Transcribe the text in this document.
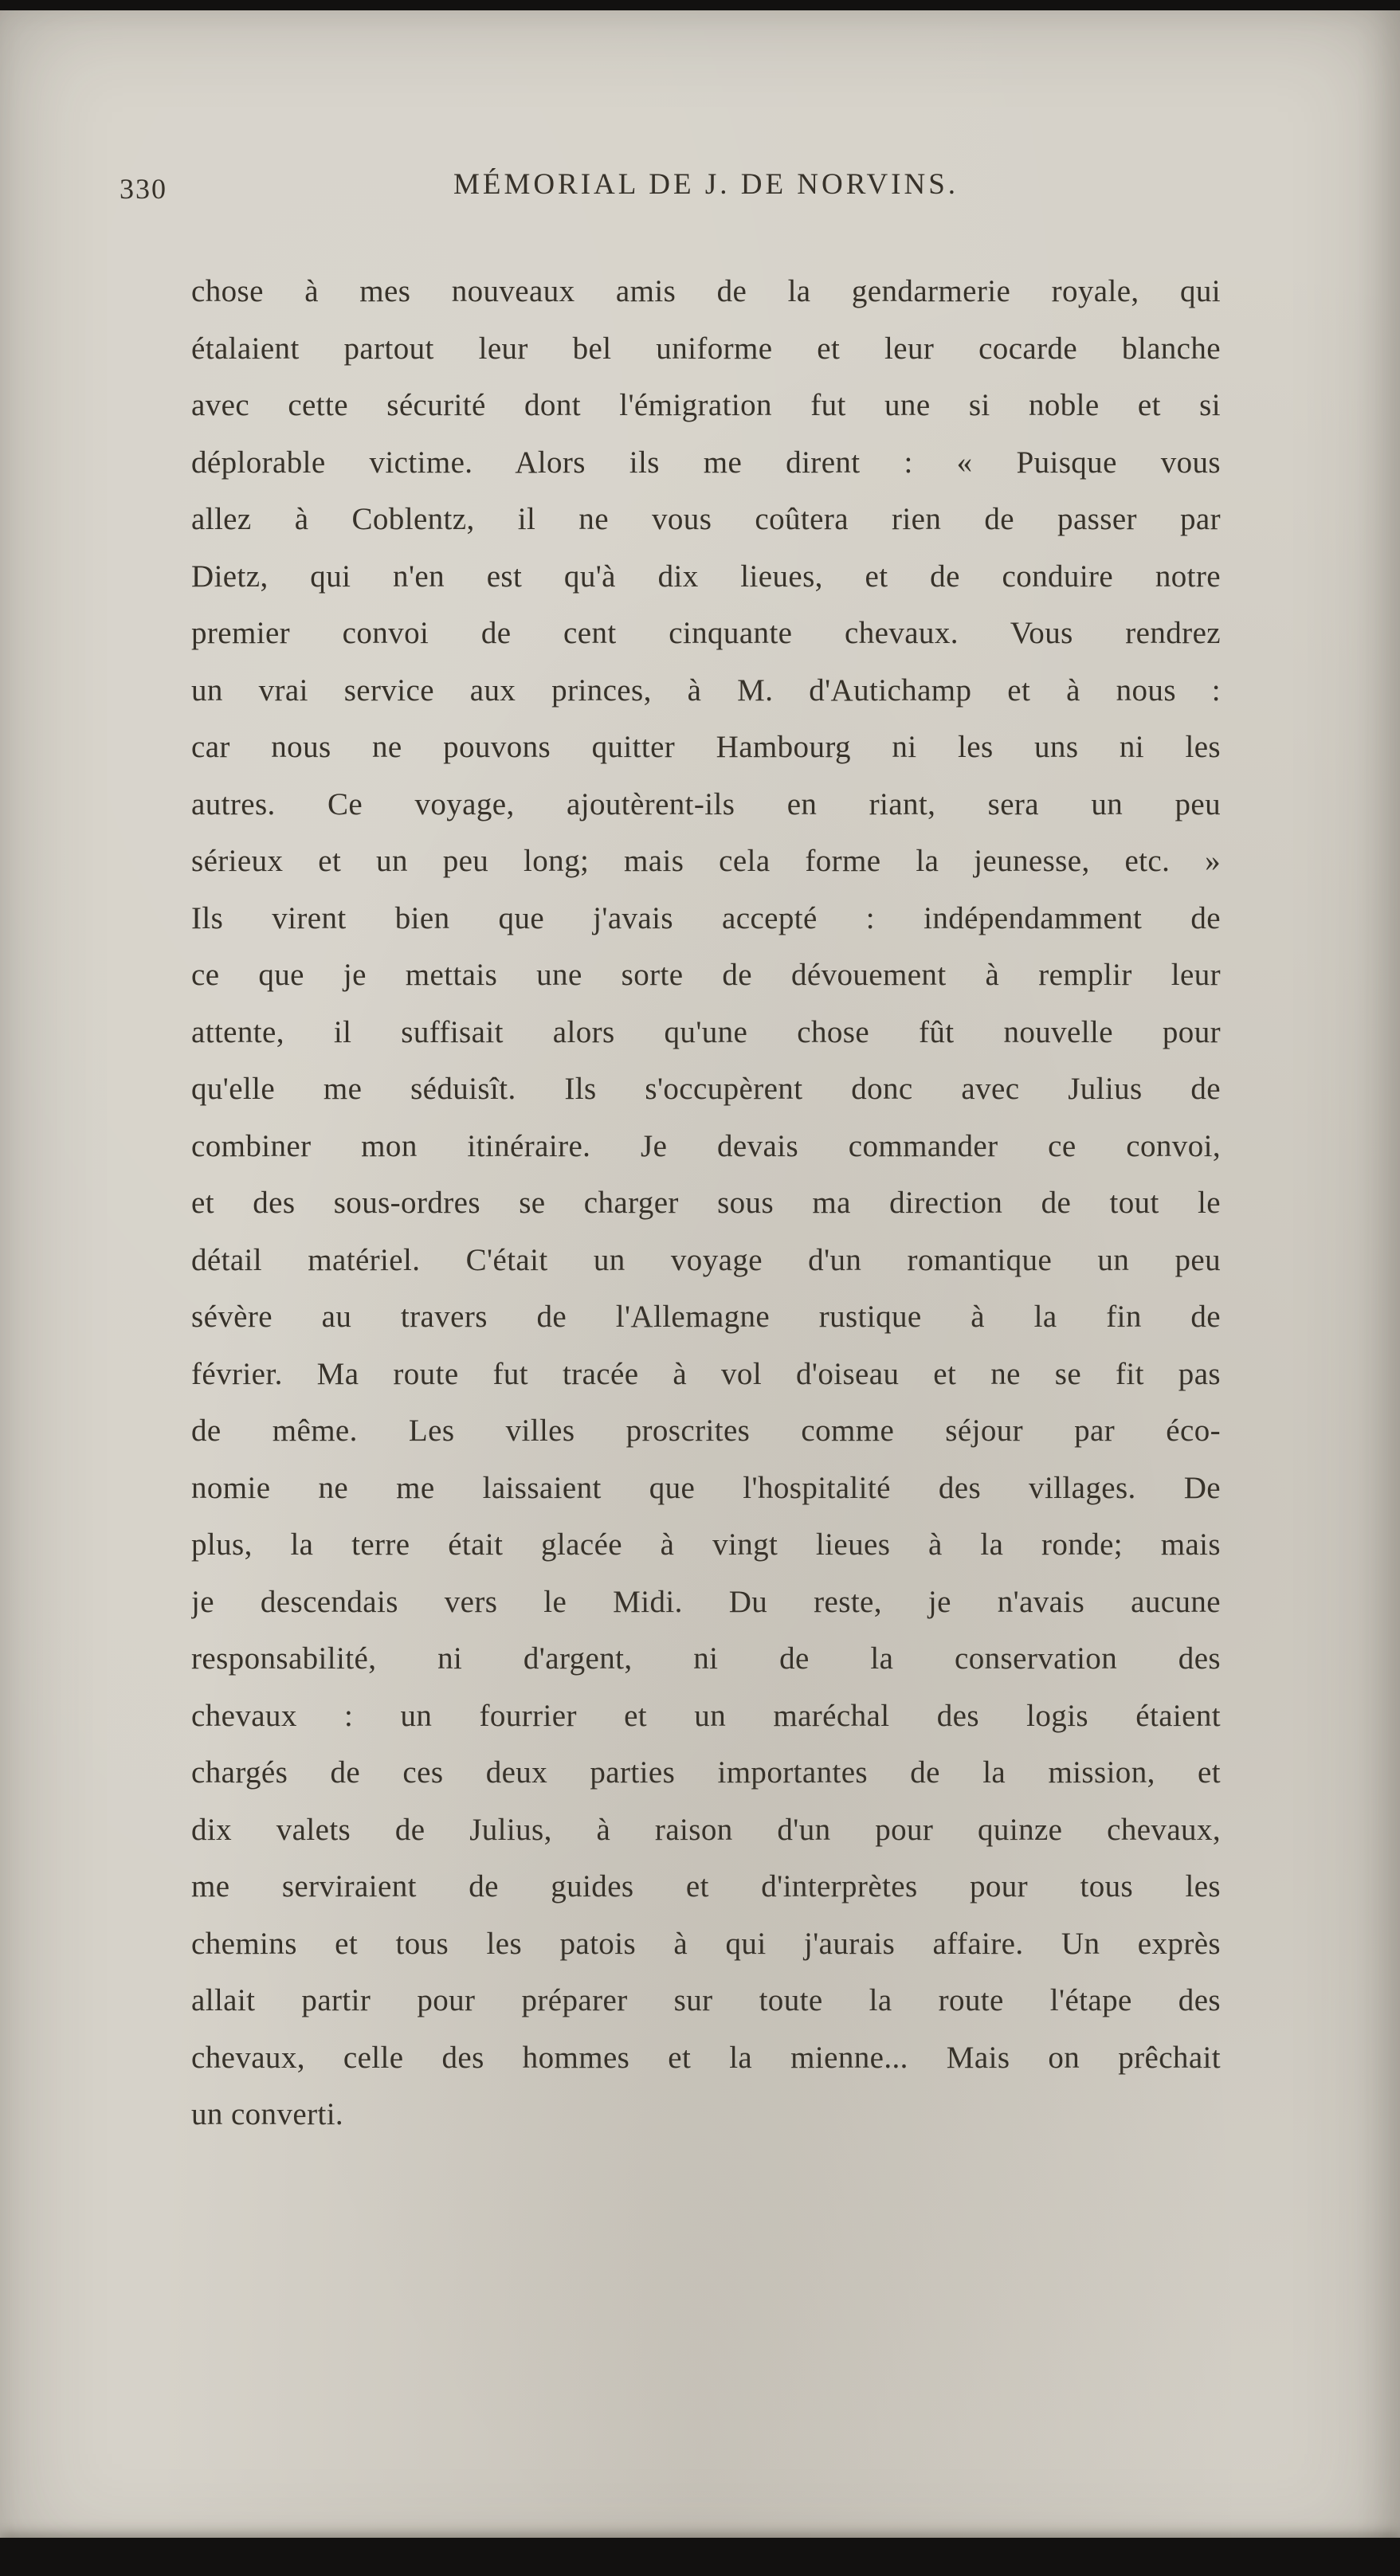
330	MÉMORIAL DE J. DE NORVINS.
chose à mes nouveaux amis de la gendarmerie royale, qui
étalaient partout leur bel uniforme et leur cocarde blanche
avec cette sécurité dont l'émigration fut une si noble et si
déplorable victime. Alors ils me dirent : « Puisque vous
allez à Coblentz, il ne vous coûtera rien de passer par
Dietz, qui n'en est qu'à dix lieues, et de conduire notre
premier convoi de cent cinquante chevaux. Vous rendrez
un vrai service aux princes, à M. d'Autichamp et à nous :
car nous ne pouvons quitter Hambourg ni les uns ni les
autres. Ce voyage, ajoutèrent-ils en riant, sera un peu
sérieux et un peu long; mais cela forme la jeunesse, etc. »
Ils virent bien que j'avais accepté : indépendamment de
ce que je mettais une sorte de dévouement à remplir leur
attente, il suffisait alors qu'une chose fût nouvelle pour
qu'elle me séduisît. Ils s'occupèrent donc avec Julius de
combiner mon itinéraire. Je devais commander ce convoi,
et des sous-ordres se charger sous ma direction de tout le
détail matériel. C'était un voyage d'un romantique un peu
sévère au travers de l'Allemagne rustique à la fin de
février. Ma route fut tracée à vol d'oiseau et ne se fit pas
de même. Les villes proscrites comme séjour par éco-
nomie ne me laissaient que l'hospitalité des villages. De
plus, la terre était glacée à vingt lieues à la ronde; mais
je descendais vers le Midi. Du reste, je n'avais aucune
responsabilité, ni d'argent, ni de la conservation des
chevaux : un fourrier et un maréchal des logis étaient
chargés de ces deux parties importantes de la mission, et
dix valets de Julius, à raison d'un pour quinze chevaux,
me serviraient de guides et d'interprètes pour tous les
chemins et tous les patois à qui j'aurais affaire. Un exprès
allait partir pour préparer sur toute la route l'étape des
chevaux, celle des hommes et la mienne... Mais on prêchait
un converti.
